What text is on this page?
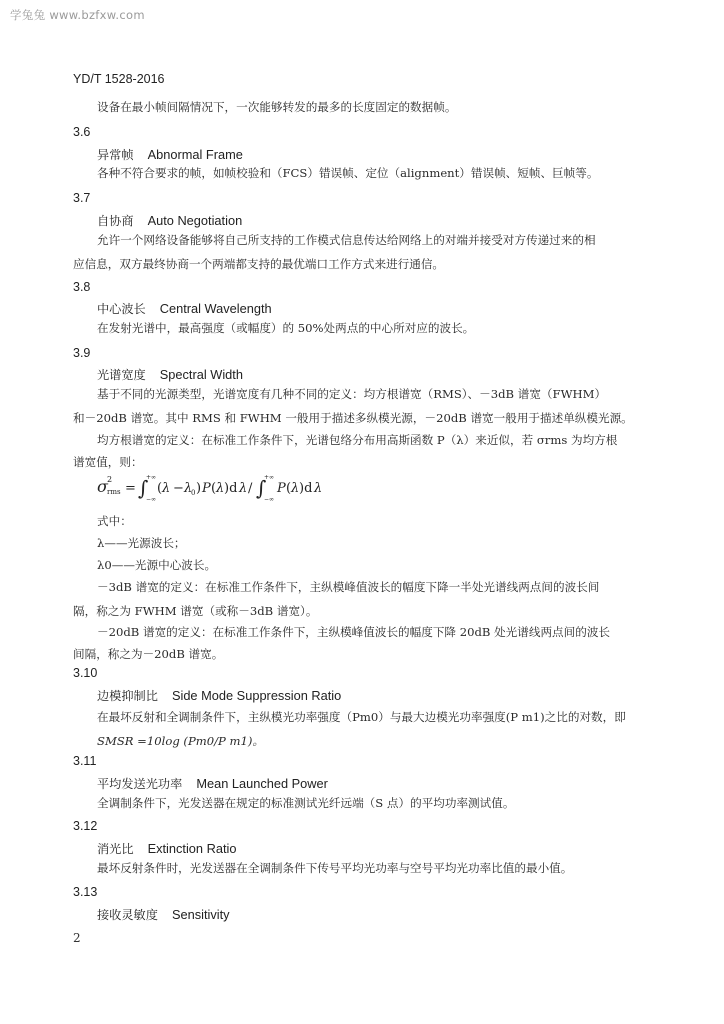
学兔兔 www.bzfxw.com
YD/T 1528-2016
设备在最小帧间隔情况下，一次能够转发的最多的长度固定的数据帧。
3.6
异常帧 Abnormal Frame
各种不符合要求的帧，如帧校验和（FCS）错误帧、定位（alignment）错误帧、短帧、巨帧等。
3.7
自协商 Auto Negotiation
允许一个网络设备能够将自己所支持的工作模式信息传达给网络上的对端并接受对方传递过来的相
应信息，双方最终协商一个两端都支持的最优端口工作方式来进行通信。
3.8
中心波长 Central Wavelength
在发射光谱中，最高强度（或幅度）的 50%处两点的中心所对应的波长。
3.9
光谱宽度 Spectral Width
基于不同的光源类型，光谱宽度有几种不同的定义：均方根谱宽（RMS）、－3dB 谱宽（FWHM）
和－20dB 谱宽。其中 RMS 和 FWHM 一般用于描述多纵模光源，－20dB 谱宽一般用于描述单纵模光源。
均方根谱宽的定义：在标准工作条件下，光谱包络分布用高斯函数 P（λ）来近似，若 σrms 为均方根
谱宽值，则：
σ 2
rms = ∫
+∞
−∞
( λ − λ
0 ) P ( λ )d λ / ∫
+∞
−∞
P ( λ )d λ
式中：
λ——光源波长；
λ0——光源中心波长。
－3dB 谱宽的定义：在标准工作条件下，主纵模峰值波长的幅度下降一半处光谱线两点间的波长间
隔，称之为 FWHM 谱宽（或称－3dB 谱宽）。
－20dB 谱宽的定义：在标准工作条件下，主纵模峰值波长的幅度下降 20dB 处光谱线两点间的波长
间隔，称之为－20dB 谱宽。
3.10
边模抑制比 Side Mode Suppression Ratio
在最坏反射和全调制条件下，主纵模光功率强度（Pm0）与最大边模光功率强度(P m1)之比的对数，即
SMSR =10log (Pm0/P m1)。
3.11
平均发送光功率 Mean Launched Power
全调制条件下，光发送器在规定的标准测试光纤远端（S 点）的平均功率测试值。
3.12
消光比 Extinction Ratio
最坏反射条件时，光发送器在全调制条件下传号平均光功率与空号平均光功率比值的最小值。
3.13
接收灵敏度 Sensitivity
2
